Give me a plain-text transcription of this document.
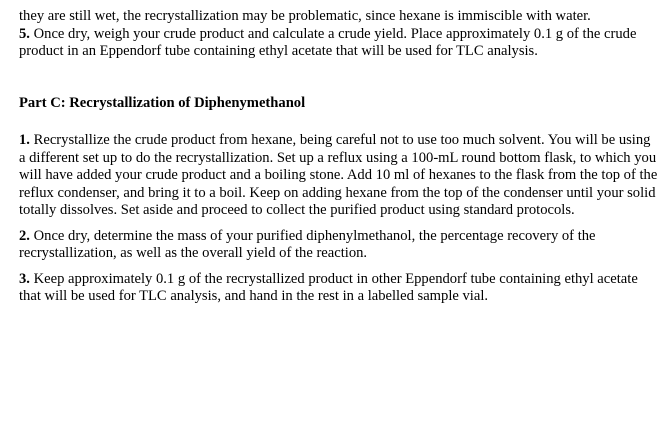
they are still wet, the recrystallization may be problematic, since hexane is immiscible with water.

5. Once dry, weigh your crude product and calculate a crude yield. Place approximately 0.1 g of the crude product in an Eppendorf tube containing ethyl acetate that will be used for TLC analysis.

Part C: Recrystallization of Diphenymethanol

1. Recrystallize the crude product from hexane, being careful not to use too much solvent. You will be using a different set up to do the recrystallization. Set up a reflux using a 100-mL round bottom flask, to which you will have added your crude product and a boiling stone. Add 10 ml of hexanes to the flask from the top of the reflux condenser, and bring it to a boil. Keep on adding hexane from the top of the condenser until your solid totally dissolves. Set aside and proceed to collect the purified product using standard protocols.

2. Once dry, determine the mass of your purified diphenylmethanol, the percentage recovery of the recrystallization, as well as the overall yield of the reaction.

3. Keep approximately 0.1 g of the recrystallized product in other Eppendorf tube containing ethyl acetate that will be used for TLC analysis, and hand in the rest in a labelled sample vial.
